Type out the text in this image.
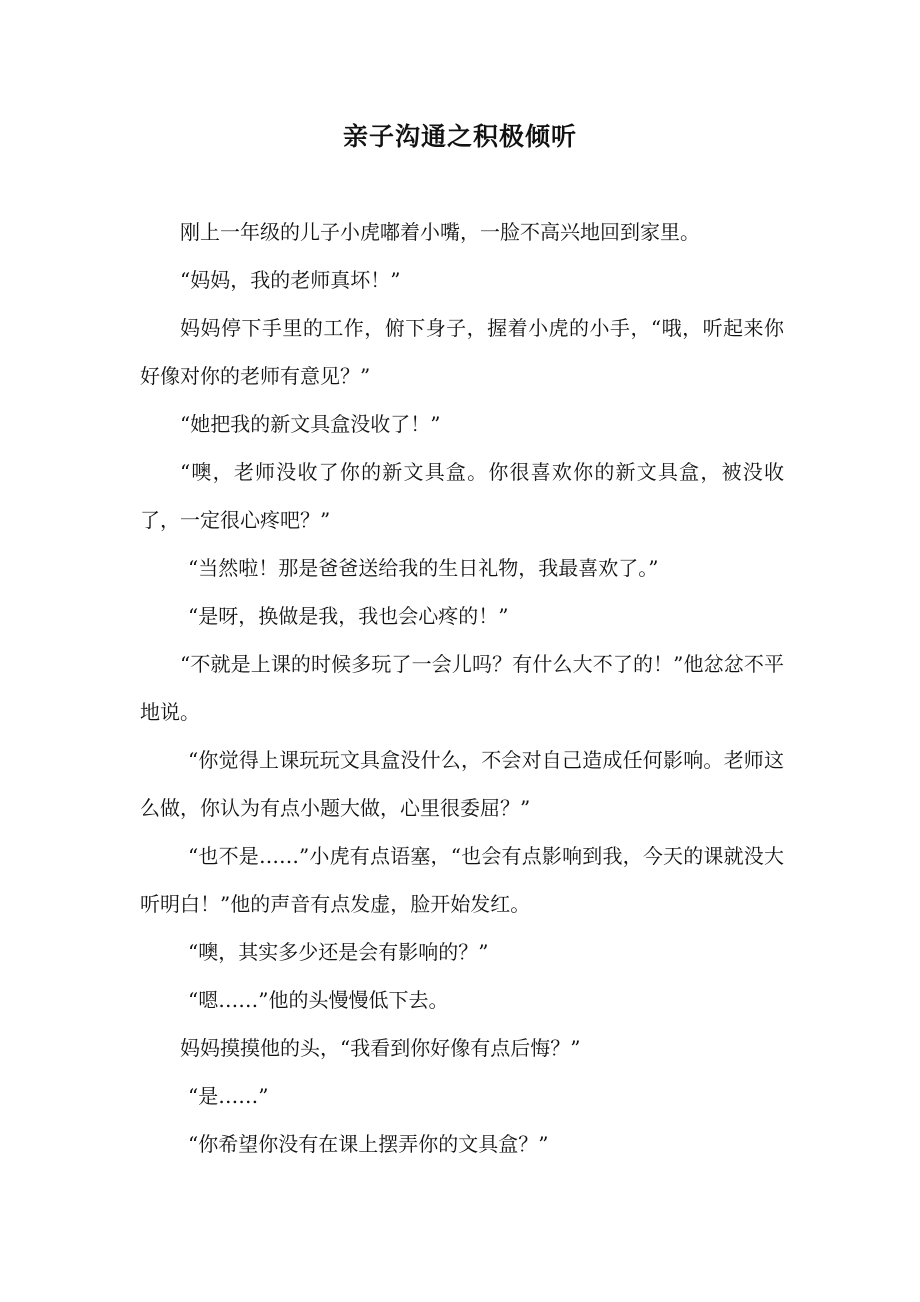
亲子沟通之积极倾听

刚上一年级的儿子小虎嘟着小嘴，一脸不高兴地回到家里。

“妈妈，我的老师真坏！”

妈妈停下手里的工作，俯下身子，握着小虎的小手，“哦，听起来你好像对你的老师有意见？”

“她把我的新文具盒没收了！”

“噢，老师没收了你的新文具盒。你很喜欢你的新文具盒，被没收了，一定很心疼吧？”

“当然啦！那是爸爸送给我的生日礼物，我最喜欢了。”

“是呀，换做是我，我也会心疼的！”

“不就是上课的时候多玩了一会儿吗？有什么大不了的！”他忿忿不平地说。

“你觉得上课玩玩文具盒没什么，不会对自己造成任何影响。老师这么做，你认为有点小题大做，心里很委屈？”

“也不是……”小虎有点语塞，“也会有点影响到我，今天的课就没大听明白！”他的声音有点发虚，脸开始发红。

“噢，其实多少还是会有影响的？”

“嗯……”他的头慢慢低下去。

妈妈摸摸他的头，“我看到你好像有点后悔？”

“是……”

“你希望你没有在课上摆弄你的文具盒？”
